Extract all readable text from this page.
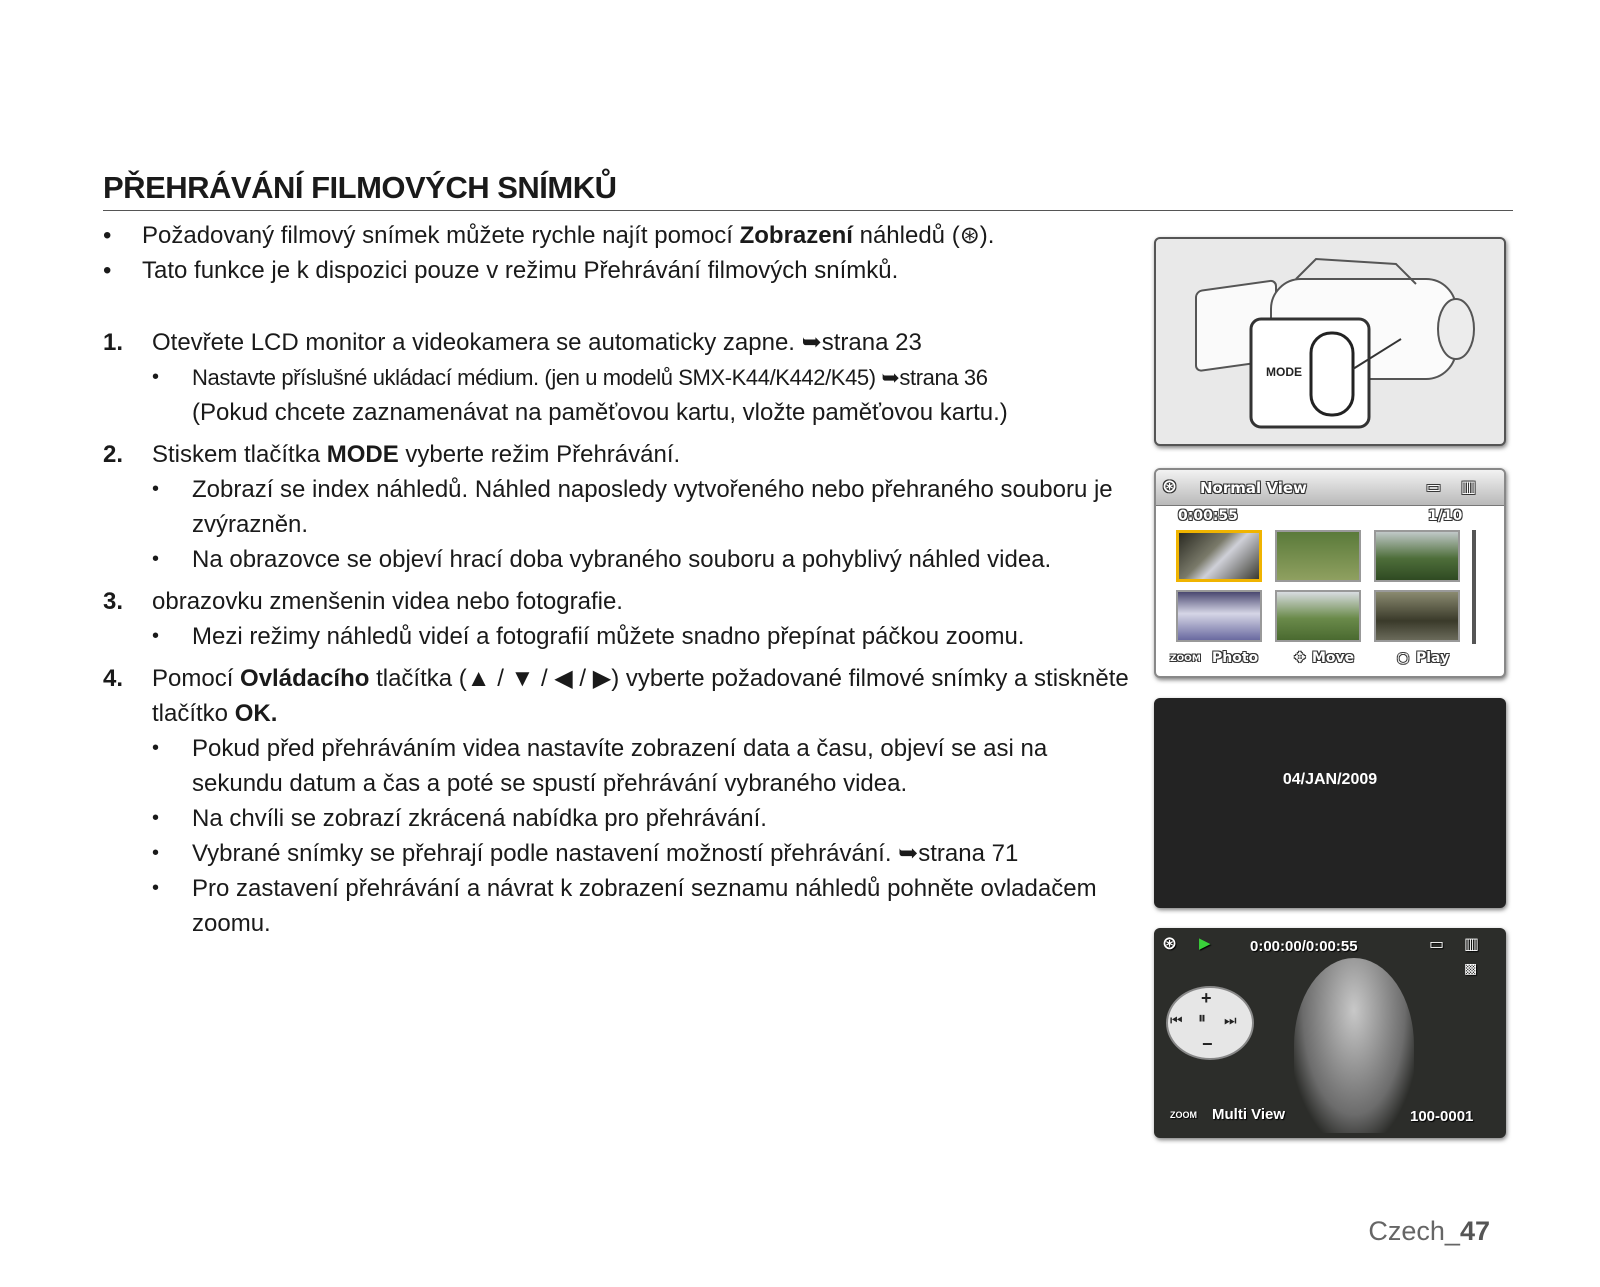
PŘEHRÁVÁNÍ FILMOVÝCH SNÍMKŮ
• Požadovaný filmový snímek můžete rychle najít pomocí Zobrazení náhledů (⊛).
• Tato funkce je k dispozici pouze v režimu Přehrávání filmových snímků.
1. Otevřete LCD monitor a videokamera se automaticky zapne. ➥strana 23
• Nastavte příslušné ukládací médium. (jen u modelů SMX-K44/K442/K45) ➥strana 36
(Pokud chcete zaznamenávat na paměťovou kartu, vložte paměťovou kartu.)
2. Stiskem tlačítka MODE vyberte režim Přehrávání.
• Zobrazí se index náhledů. Náhled naposledy vytvořeného nebo přehraného souboru je zvýrazněn.
• Na obrazovce se objeví hrací doba vybraného souboru a pohyblivý náhled videa.
3. obrazovku zmenšenin videa nebo fotografie.
• Mezi režimy náhledů videí a fotografií můžete snadno přepínat páčkou zoomu.
4. Pomocí Ovládacího tlačítka (▲ / ▼ / ◀ / ▶) vyberte požadované filmové snímky a stiskněte tlačítko OK.
• Pokud před přehráváním videa nastavíte zobrazení data a času, objeví se asi na sekundu datum a čas a poté se spustí přehrávání vybraného videa.
• Na chvíli se zobrazí zkrácená nabídka pro přehrávání.
• Vybrané snímky se přehrají podle nastavení možností přehrávání. ➥strana 71
• Pro zastavení přehrávání a návrat k zobrazení seznamu náhledů pohněte ovladačem zoomu.
MODE
⊛ Normal View	▭ ▥
0:00:55	1/10
ZOOM Photo	✥ Move	◉ Play
04/JAN/2009
⊛ ▶	0:00:00/0:00:55	▭ ▥
▩
+
⏮ ⏸ ⏭
−
ZOOM Multi View	100-0001
Czech_47
